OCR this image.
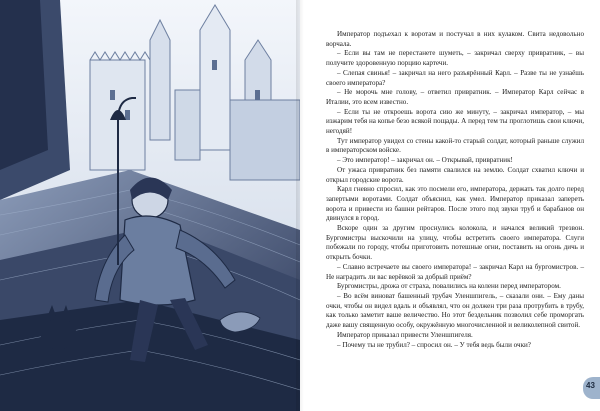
Император подъехал к воротам и постучал в них кулаком. Свита недовольно ворчала.

– Если вы там не перестанете шуметь, – закричал сверху привратник, – вы получите здоровенную порцию картечи.

– Слепая свинья! – закричал на него разъярённый Карл. – Разве ты не узнаёшь своего императора?

– Не морочь мне голову, – ответил привратник. – Император Карл сейчас в Италии, это всем известно.

– Если ты не откроешь ворота сию же минуту, – закричал император, – мы изжарим тебя на копье безо всякой пощады. А перед тем ты проглотишь свои ключи, негодяй!

Тут император увидел со стены какой-то старый солдат, который раньше служил в императорском войске.

– Это император! – закричал он. – Открывай, привратник!

От ужаса привратник без памяти свалился на землю. Солдат схватил ключи и открыл городские ворота.

Карл гневно спросил, как это посмели его, императора, держать так долго перед запертыми воротами. Солдат объяснил, как умел. Император приказал запереть ворота и привести из башни рейтаров. После этого под звуки труб и барабанов он двинулся в город.

Вскоре один за другим проснулись колокола, и начался великий трезвон. Бургомистры выскочили на улицу, чтобы встретить своего императора. Слуги побежали по городу, чтобы приготовить потешные огни, поставить на огонь дичь и открыть бочки.

– Славно встречаете вы своего императора! – закричал Карл на бургомистров. – Не наградить ли вас верёвкой за добрый приём?

Бургомистры, дрожа от страха, повалились на колени перед императором.

– Во всём виноват башенный трубач Уленшпигель, – сказали они. – Ему даны очки, чтобы он видел вдаль и объявлял, что он должен три раза протрубить в трубу, как только заметит ваше величество. Но этот бездельник позволил себе проморгать даже вашу священную особу, окружённую многочисленной и великолепной свитой.

Император приказал привести Уленшпигеля.

– Почему ты не трубил? – спросил он. – У тебя ведь были очки?

43
